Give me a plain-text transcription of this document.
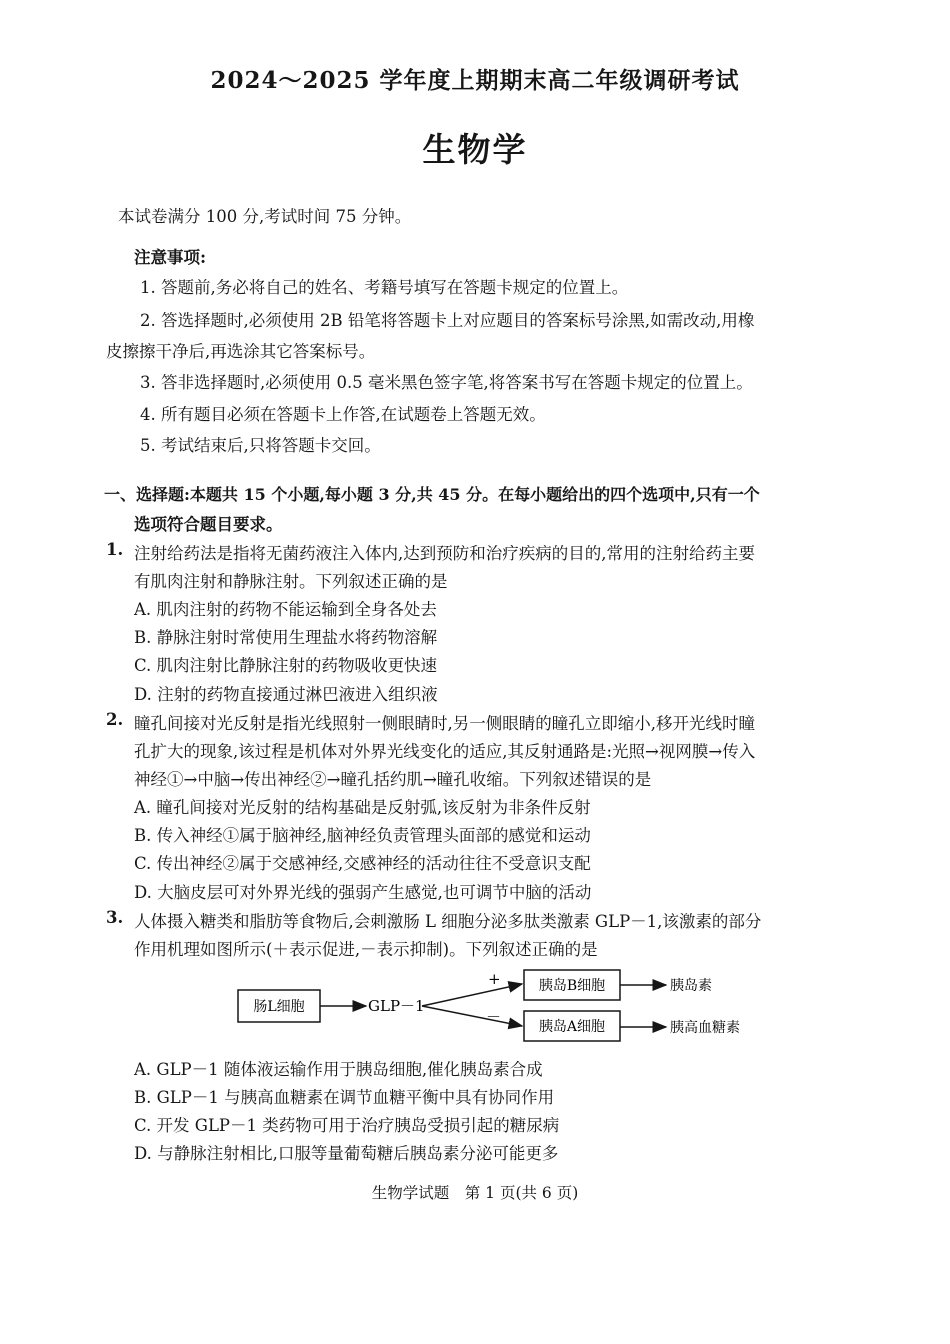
2024～2025 学年度上期期末高二年级调研考试
生物学
本试卷满分 100 分,考试时间 75 分钟。
注意事项:
1. 答题前,务必将自己的姓名、考籍号填写在答题卡规定的位置上。
2. 答选择题时,必须使用 2B 铅笔将答题卡上对应题目的答案标号涂黑,如需改动,用橡
皮擦擦干净后,再选涂其它答案标号。
3. 答非选择题时,必须使用 0.5 毫米黑色签字笔,将答案书写在答题卡规定的位置上。
4. 所有题目必须在答题卡上作答,在试题卷上答题无效。
5. 考试结束后,只将答题卡交回。
一、选择题:本题共 15 个小题,每小题 3 分,共 45 分。在每小题给出的四个选项中,只有一个
选项符合题目要求。
1. 注射给药法是指将无菌药液注入体内,达到预防和治疗疾病的目的,常用的注射给药主要
有肌肉注射和静脉注射。下列叙述正确的是
A. 肌肉注射的药物不能运输到全身各处去
B. 静脉注射时常使用生理盐水将药物溶解
C. 肌肉注射比静脉注射的药物吸收更快速
D. 注射的药物直接通过淋巴液进入组织液
2. 瞳孔间接对光反射是指光线照射一侧眼睛时,另一侧眼睛的瞳孔立即缩小,移开光线时瞳
孔扩大的现象,该过程是机体对外界光线变化的适应,其反射通路是:光照→视网膜→传入
神经①→中脑→传出神经②→瞳孔括约肌→瞳孔收缩。下列叙述错误的是
A. 瞳孔间接对光反射的结构基础是反射弧,该反射为非条件反射
B. 传入神经①属于脑神经,脑神经负责管理头面部的感觉和运动
C. 传出神经②属于交感神经,交感神经的活动往往不受意识支配
D. 大脑皮层可对外界光线的强弱产生感觉,也可调节中脑的活动
3. 人体摄入糖类和脂肪等食物后,会刺激肠 L 细胞分泌多肽类激素 GLP－1,该激素的部分
作用机理如图所示(＋表示促进,－表示抑制)。下列叙述正确的是
肠L细胞	GLP－1
+
－
胰岛B细胞
胰岛A细胞
胰岛素
胰高血糖素
A. GLP－1 随体液运输作用于胰岛细胞,催化胰岛素合成
B. GLP－1 与胰高血糖素在调节血糖平衡中具有协同作用
C. 开发 GLP－1 类药物可用于治疗胰岛受损引起的糖尿病
D. 与静脉注射相比,口服等量葡萄糖后胰岛素分泌可能更多
生物学试题　第 1 页(共 6 页)
